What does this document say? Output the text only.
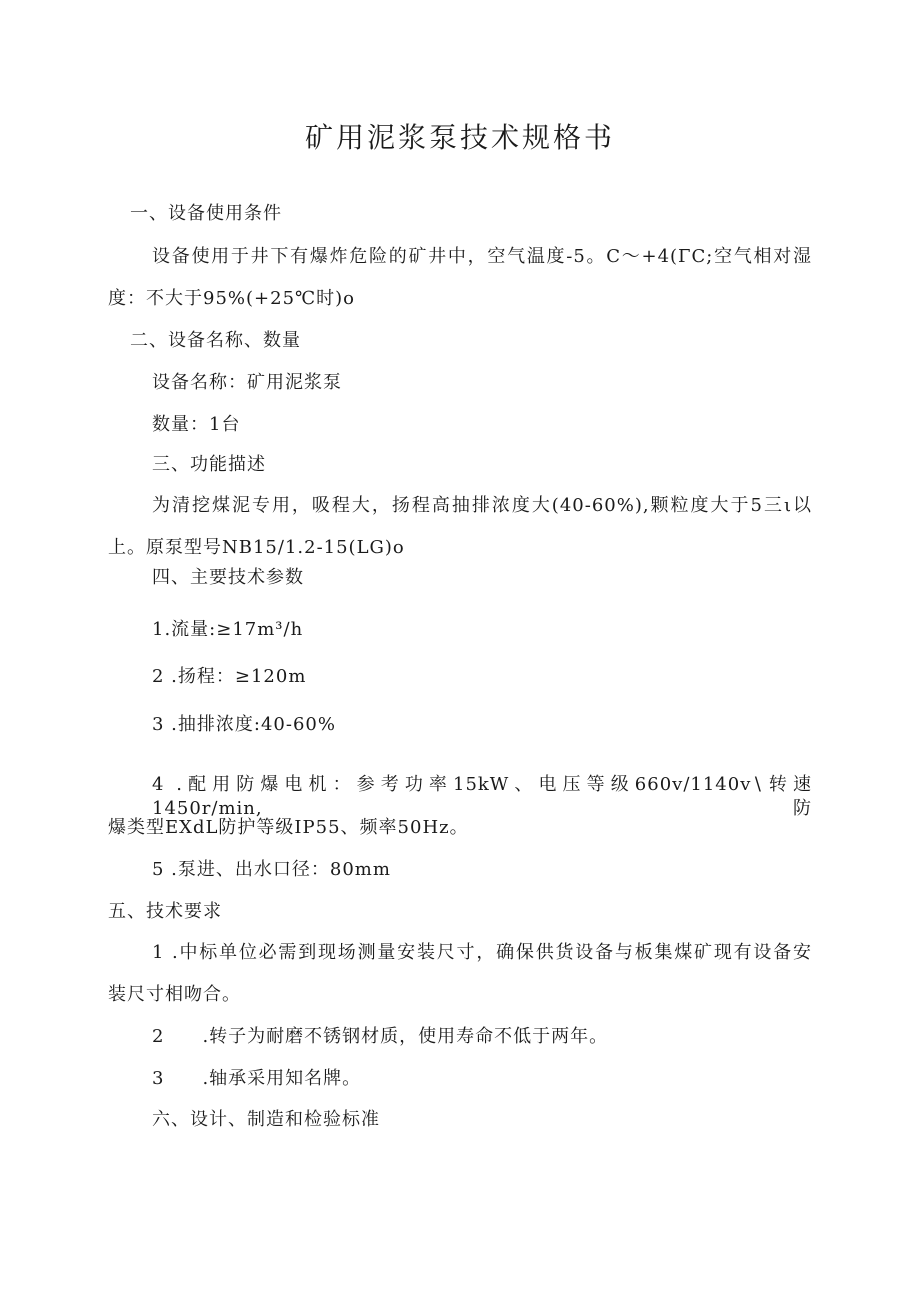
矿用泥浆泵技术规格书
一、设备使用条件
设备使用于井下有爆炸危险的矿井中，空气温度-5。C～+4(ΓC;空气相对湿
度：不大于95%(+25℃时)o
二、设备名称、数量
设备名称：矿用泥浆泵
数量：1台
三、功能描述
为清挖煤泥专用，吸程大，扬程高抽排浓度大(40-60%),颗粒度大于5三ι以
上。原泵型号NB15∕1.2-15(LG)o
四、主要技术参数
1.流量:≥17m³∕h
2 .扬程：≥120m
3 .抽排浓度:40-60%
4 .配用防爆电机：参考功率15kW、电压等级660v∕1140v∖转速1450r∕min,防
爆类型EXdL防护等级IP55、频率50Hz。
5 .泵进、出水口径：80mm
五、技术要求
1 .中标单位必需到现场测量安装尺寸，确保供货设备与板集煤矿现有设备安
装尺寸相吻合。
2　　.转子为耐磨不锈钢材质，使用寿命不低于两年。
3　　.轴承采用知名牌。
六、设计、制造和检验标准
